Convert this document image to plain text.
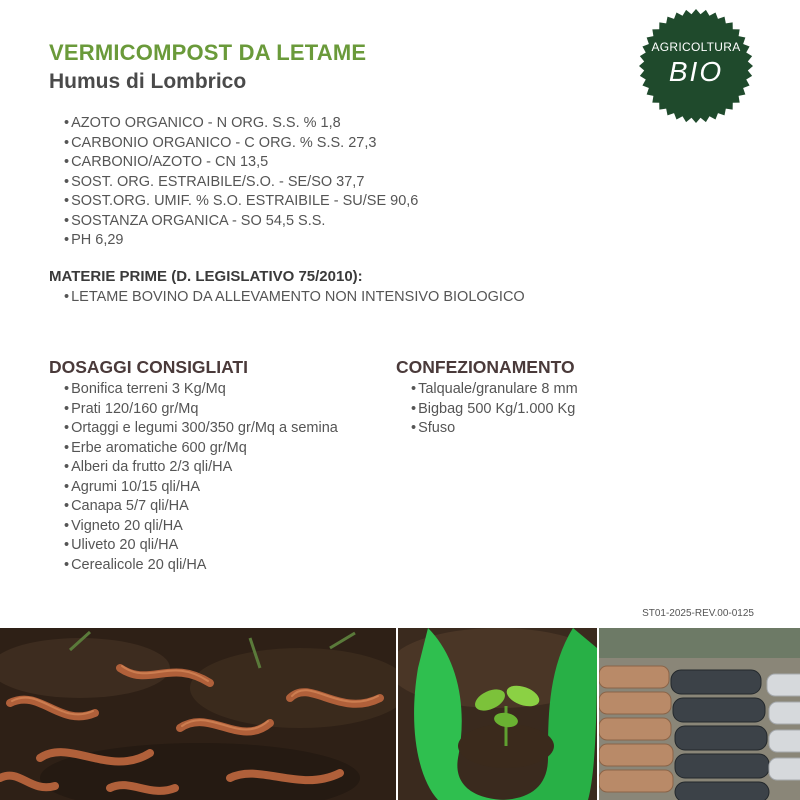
VERMICOMPOST DA LETAME
Humus di Lombrico
AGRICOLTURA
BIO
• AZOTO ORGANICO - N ORG. S.S. % 1,8
• CARBONIO ORGANICO - C ORG. % S.S. 27,3
• CARBONIO/AZOTO - CN 13,5
• SOST. ORG. ESTRAIBILE/S.O. - SE/SO 37,7
• SOST.ORG. UMIF. % S.O. ESTRAIBILE - SU/SE 90,6
• SOSTANZA ORGANICA - SO 54,5 S.S.
• PH 6,29
MATERIE PRIME (D. LEGISLATIVO 75/2010):
• LETAME BOVINO DA ALLEVAMENTO NON INTENSIVO BIOLOGICO
DOSAGGI CONSIGLIATI
• Bonifica terreni 3 Kg/Mq
• Prati 120/160 gr/Mq
• Ortaggi e legumi 300/350 gr/Mq a semina
• Erbe aromatiche 600 gr/Mq
• Alberi da frutto 2/3 qli/HA
• Agrumi 10/15 qli/HA
• Canapa 5/7 qli/HA
• Vigneto 20 qli/HA
• Uliveto 20 qli/HA
• Cerealicole 20 qli/HA
CONFEZIONAMENTO
• Talquale/granulare 8 mm
• Bigbag 500 Kg/1.000 Kg
• Sfuso
ST01-2025-REV.00-0125
